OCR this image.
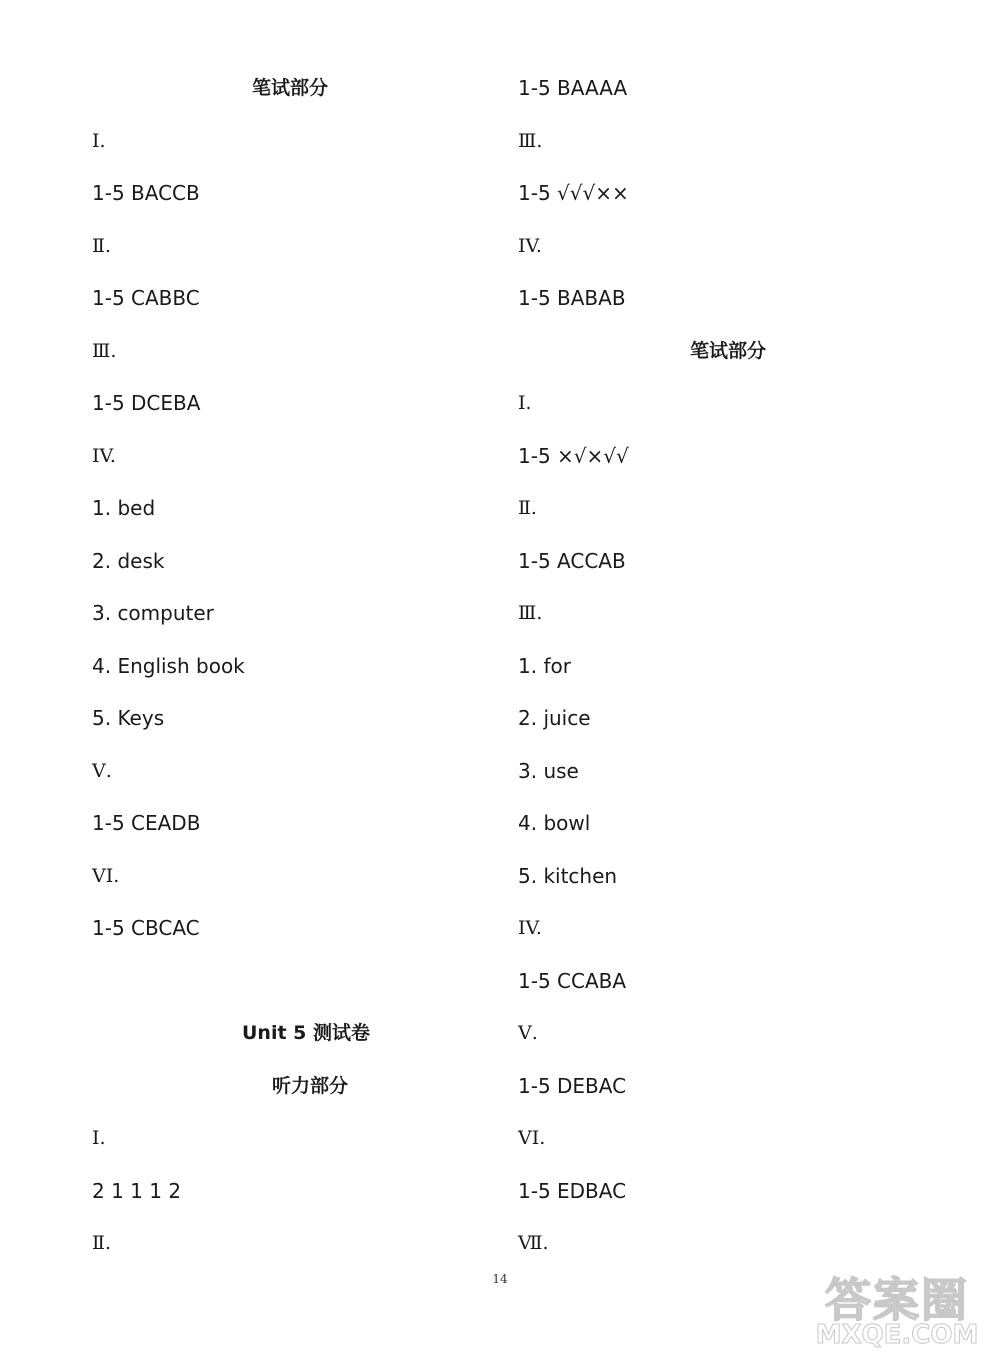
笔试部分
Ⅰ.
1-5 BACCB
Ⅱ.
1-5 CABBC
Ⅲ.
1-5 DCEBA
IV.
1. bed
2. desk
3. computer
4. English book
5. Keys
Ⅴ.
1-5 CEADB
VI.
1-5 CBCAC
Unit 5 测试卷
听力部分
Ⅰ.
2 1 1 1 2
Ⅱ.
1-5 BAAAA
Ⅲ.
1-5 √√√××
IV.
1-5 BABAB
笔试部分
Ⅰ.
1-5 ×√×√√
Ⅱ.
1-5 ACCAB
Ⅲ.
1. for
2. juice
3. use
4. bowl
5. kitchen
IV.
1-5 CCABA
Ⅴ.
1-5 DEBAC
VI.
1-5 EDBAC
Ⅶ.
14	答案圈
MXQE.COM
